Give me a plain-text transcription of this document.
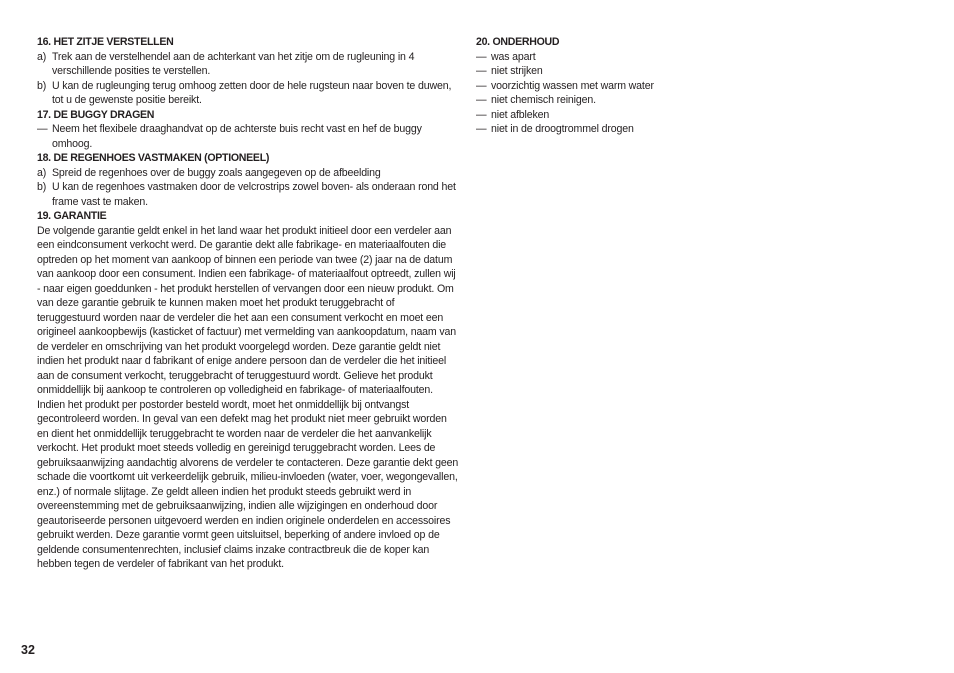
16. HET ZITJE VERSTELLEN
a) Trek aan de verstelhendel aan de achterkant van het zitje om de rugleuning in 4 verschillende posities te verstellen.
b) U kan de rugleunging terug omhoog zetten door de hele rugsteun naar boven te duwen, tot u de gewenste positie bereikt.
17. DE BUGGY DRAGEN
— Neem het flexibele draaghandvat op de achterste buis recht vast en hef de buggy omhoog.
18. DE REGENHOES VASTMAKEN (OPTIONEEL)
a) Spreid de regenhoes over de buggy zoals aangegeven op de afbeelding
b) U kan de regenhoes vastmaken door de velcrostrips zowel boven- als onderaan rond het frame vast te maken.
19. GARANTIE

De volgende garantie geldt enkel in het land waar het produkt initieel door een verdeler aan een eindconsument verkocht werd. De garantie dekt alle fabrikage- en materiaalfouten die optreden op het moment van aankoop of binnen een periode van twee (2) jaar na de datum van aankoop door een consument. Indien een fabrikage- of materiaalfout optreedt, zullen wij - naar eigen goeddunken - het produkt herstellen of vervangen door een nieuw produkt. Om van deze garantie gebruik te kunnen maken moet het produkt teruggebracht of teruggestuurd worden naar de verdeler die het aan een consument verkocht en moet een origineel aankoopbewijs (kasticket of factuur) met vermelding van aankoopdatum, naam van de verdeler en omschrijving van het produkt voorgelegd worden. Deze garantie geldt niet indien het produkt naar d fabrikant of enige andere persoon dan de verdeler die het initieel aan de consument verkocht, teruggebracht of teruggestuurd wordt. Gelieve het produkt onmiddellijk bij aankoop te controleren op volledigheid en fabrikage- of materiaalfouten. Indien het produkt per postorder besteld wordt, moet het onmiddellijk bij ontvangst gecontroleerd worden. In geval van een defekt mag het produkt niet meer gebruikt worden en dient het onmiddellijk teruggebracht te worden naar de verdeler die het aanvankelijk verkocht. Het produkt moet steeds volledig en gereinigd teruggebracht worden. Lees de gebruiksaanwijzing aandachtig alvorens de verdeler te contacteren. Deze garantie dekt geen schade die voortkomt uit verkeerdelijk gebruik, milieu-invloeden (water, voer, wegongevallen, enz.) of normale slijtage. Ze geldt alleen indien het produkt steeds gebruikt werd in overeenstemming met de gebruiksaanwijzing, indien alle wijzigingen en onderhoud door geautoriseerde personen uitgevoerd werden en indien originele onderdelen en accessoires gebruikt werden. Deze garantie vormt geen uitsluitsel, beperking of andere invloed op de geldende consumentenrechten, inclusief claims inzake contractbreuk die de koper kan hebben tegen de verdeler of fabrikant van het produkt.

20. ONDERHOUD
— was apart
— niet strijken
— voorzichtig wassen met warm water
— niet chemisch reinigen.
— niet afbleken
— niet in de droogtrommel drogen
32
